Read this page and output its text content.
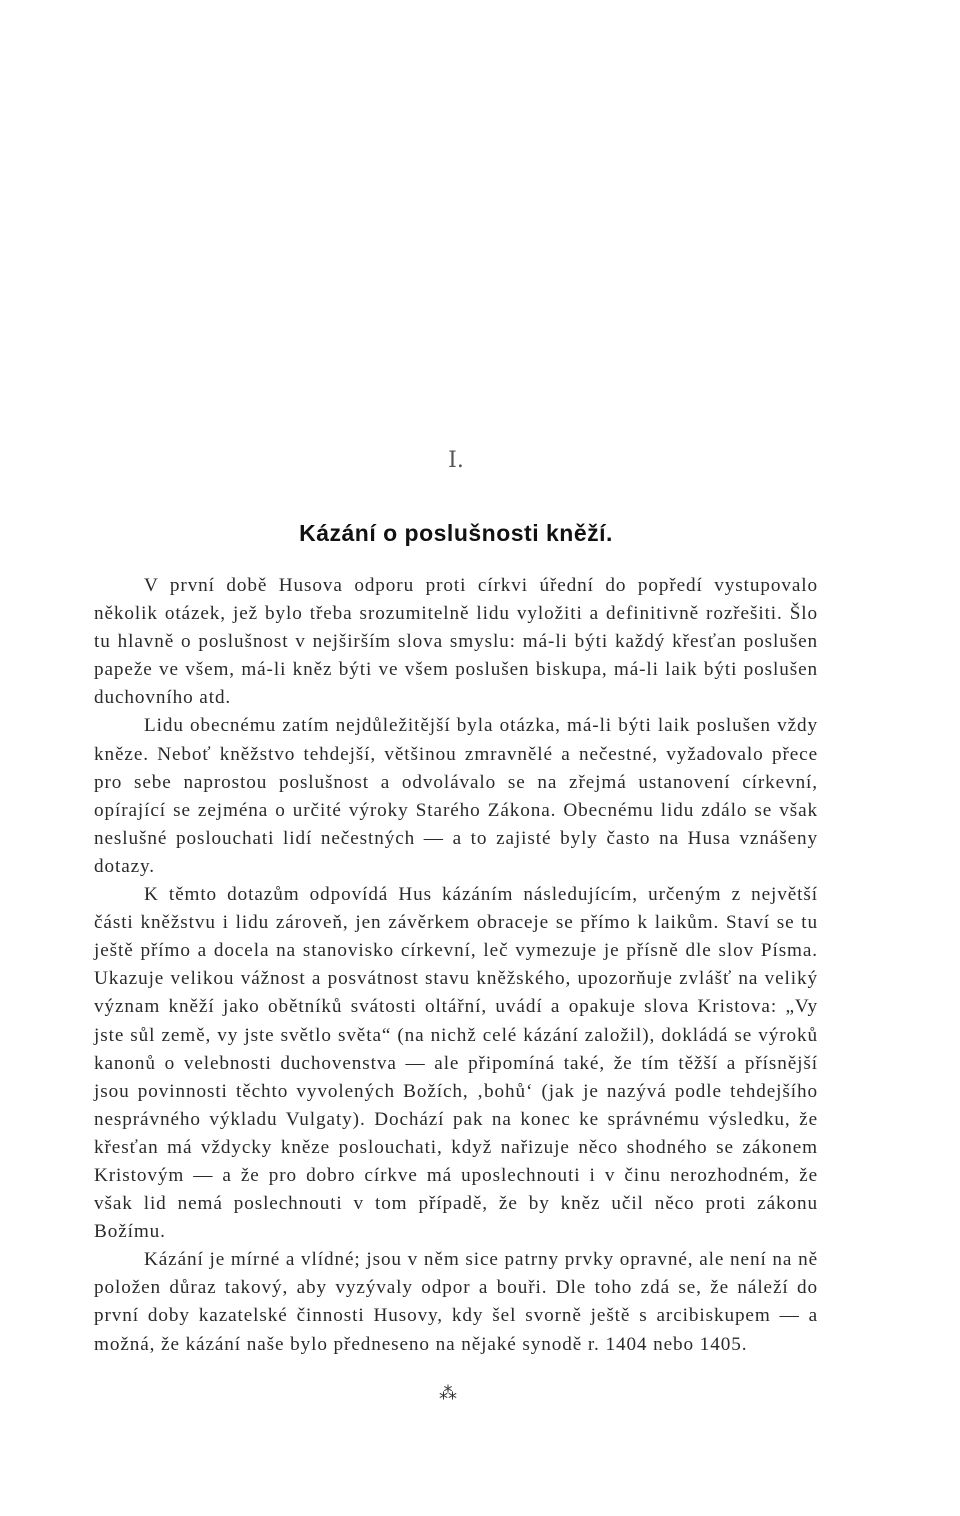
I.

Kázání o poslušnosti kněží.

V první době Husova odporu proti církvi úřední do popředí vystupovalo několik otázek, jež bylo třeba srozumitelně lidu vyložiti a definitivně rozřešiti. Šlo tu hlavně o poslušnost v nejširším slova smyslu: má-li býti každý křesťan poslušen papeže ve všem, má-li kněz býti ve všem poslušen biskupa, má-li laik býti poslušen duchovního atd.

Lidu obecnému zatím nejdůležitější byla otázka, má-li býti laik poslušen vždy kněze. Neboť kněžstvo tehdejší, většinou zmravnělé a nečestné, vyžadovalo přece pro sebe naprostou poslušnost a odvolávalo se na zřejmá ustanovení církevní, opírající se zejména o určité výroky Starého Zákona. Obecnému lidu zdálo se však neslušné poslouchati lidí nečestných — a to zajisté byly často na Husa vznášeny dotazy.

K těmto dotazům odpovídá Hus kázáním následujícím, určeným z největší části kněžstvu i lidu zároveň, jen závěrkem obraceje se přímo k laikům. Staví se tu ještě přímo a docela na stanovisko církevní, leč vymezuje je přísně dle slov Písma. Ukazuje velikou vážnost a posvátnost stavu kněžského, upozorňuje zvlášť na veliký význam kněží jako obětníků svátosti oltářní, uvádí a opakuje slova Kristova: „Vy jste sůl země, vy jste světlo světa“ (na nichž celé kázání založil), dokládá se výroků kanonů o velebnosti duchovenstva — ale připomíná také, že tím těžší a přísnější jsou povinnosti těchto vyvolených Božích, ‚bohů‘ (jak je nazývá podle tehdejšího nesprávného výkladu Vulgaty). Dochází pak na konec ke správnému výsledku, že křesťan má vždycky kněze poslouchati, když nařizuje něco shodného se zákonem Kristovým — a že pro dobro církve má uposlechnouti i v činu nerozhodném, že však lid nemá poslechnouti v tom případě, že by kněz učil něco proti zákonu Božímu.

Kázání je mírné a vlídné; jsou v něm sice patrny prvky opravné, ale není na ně položen důraz takový, aby vyzývaly odpor a bouři. Dle toho zdá se, že náleží do první doby kazatelské činnosti Husovy, kdy šel svorně ještě s arcibiskupem — a možná, že kázání naše bylo předneseno na nějaké synodě r. 1404 nebo 1405.

⁂
